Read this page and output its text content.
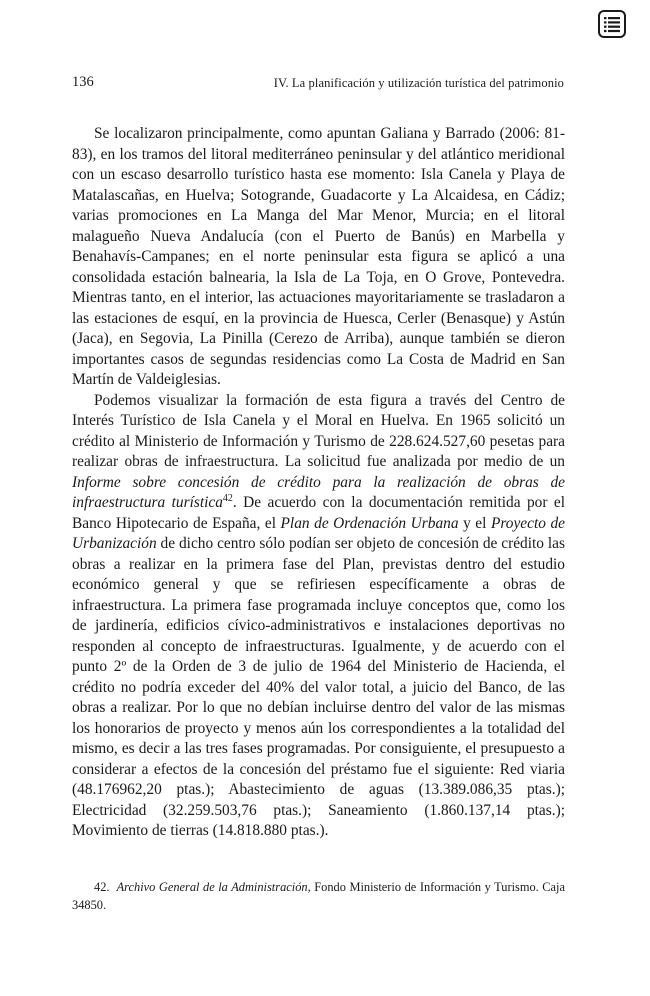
136	IV. La planificación y utilización turística del patrimonio

Se localizaron principalmente, como apuntan Galiana y Barrado (2006: 81-83), en los tramos del litoral mediterráneo peninsular y del atlántico meridional con un escaso desarrollo turístico hasta ese momento: Isla Canela y Playa de Matalascañas, en Huelva; Sotogrande, Guadacorte y La Alcaidesa, en Cádiz; varias promociones en La Manga del Mar Menor, Murcia; en el litoral malagueño Nueva Andalucía (con el Puerto de Banús) en Marbella y Benahavís-Campanes; en el norte peninsular esta figura se aplicó a una consolidada estación balnearia, la Isla de La Toja, en O Grove, Pontevedra. Mientras tanto, en el interior, las actuaciones mayoritariamente se trasladaron a las estaciones de esquí, en la provincia de Huesca, Cerler (Benasque) y Astún (Jaca), en Segovia, La Pinilla (Cerezo de Arriba), aunque también se dieron importantes casos de segundas residencias como La Costa de Madrid en San Martín de Valdeiglesias.

Podemos visualizar la formación de esta figura a través del Centro de Interés Turístico de Isla Canela y el Moral en Huelva. En 1965 solicitó un crédito al Ministerio de Información y Turismo de 228.624.527,60 pesetas para realizar obras de infraestructura. La solicitud fue analizada por medio de un Informe sobre concesión de crédito para la realización de obras de infraestructura turística$^{42}$. De acuerdo con la documentación remitida por el Banco Hipotecario de España, el Plan de Ordenación Urbana y el Proyecto de Urbanización de dicho centro sólo podían ser objeto de concesión de crédito las obras a realizar en la primera fase del Plan, previstas dentro del estudio económico general y que se refiriesen específicamente a obras de infraestructura. La primera fase programada incluye conceptos que, como los de jardinería, edificios cívico-administrativos e instalaciones deportivas no responden al concepto de infraestructuras. Igualmente, y de acuerdo con el punto 2º de la Orden de 3 de julio de 1964 del Ministerio de Hacienda, el crédito no podría exceder del 40% del valor total, a juicio del Banco, de las obras a realizar. Por lo que no debían incluirse dentro del valor de las mismas los honorarios de proyecto y menos aún los correspondientes a la totalidad del mismo, es decir a las tres fases programadas. Por consiguiente, el presupuesto a considerar a efectos de la concesión del préstamo fue el siguiente: Red viaria (48.176962,20 ptas.); Abastecimiento de aguas (13.389.086,35 ptas.); Electricidad (32.259.503,76 ptas.); Saneamiento (1.860.137,14 ptas.); Movimiento de tierras (14.818.880 ptas.).

42. Archivo General de la Administración, Fondo Ministerio de Información y Turismo. Caja 34850.
